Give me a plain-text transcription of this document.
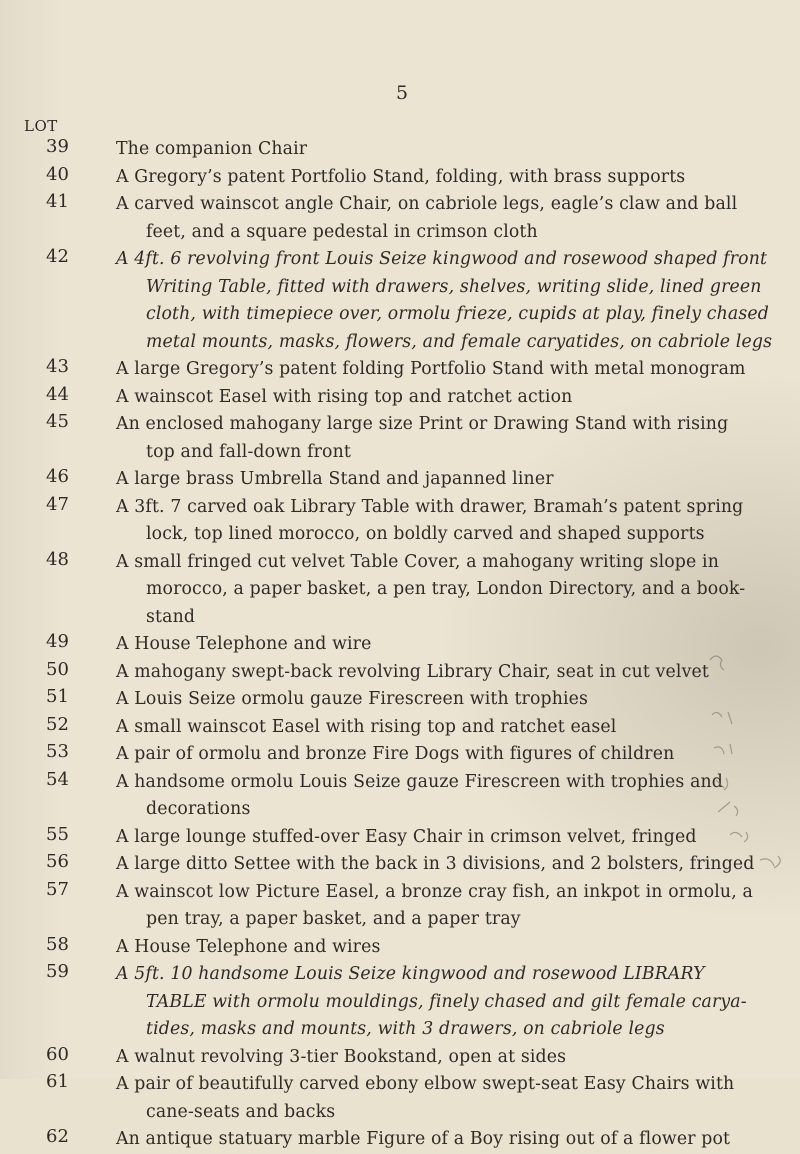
5
LOT
39	The companion Chair
40	A Gregory’s patent Portfolio Stand, folding, with brass supports
41	A carved wainscot angle Chair, on cabriole legs, eagle’s claw and ball
feet, and a square pedestal in crimson cloth
42	A 4ft. 6 revolving front Louis Seize kingwood and rosewood shaped front
Writing Table, fitted with drawers, shelves, writing slide, lined green
cloth, with timepiece over, ormolu frieze, cupids at play, finely chased
metal mounts, masks, flowers, and female caryatides, on cabriole legs
43	A large Gregory’s patent folding Portfolio Stand with metal monogram
44	A wainscot Easel with rising top and ratchet action
45	An enclosed mahogany large size Print or Drawing Stand with rising
top and fall-down front
46	A large brass Umbrella Stand and japanned liner
47	A 3ft. 7 carved oak Library Table with drawer, Bramah’s patent spring
lock, top lined morocco, on boldly carved and shaped supports
48	A small fringed cut velvet Table Cover, a mahogany writing slope in
morocco, a paper basket, a pen tray, London Directory, and a book-
stand
49	A House Telephone and wire
50	A mahogany swept-back revolving Library Chair, seat in cut velvet
51	A Louis Seize ormolu gauze Firescreen with trophies
52	A small wainscot Easel with rising top and ratchet easel
53	A pair of ormolu and bronze Fire Dogs with figures of children
54	A handsome ormolu Louis Seize gauze Firescreen with trophies and
decorations
55	A large lounge stuffed-over Easy Chair in crimson velvet, fringed
56	A large ditto Settee with the back in 3 divisions, and 2 bolsters, fringed
57	A wainscot low Picture Easel, a bronze cray fish, an inkpot in ormolu, a
pen tray, a paper basket, and a paper tray
58	A House Telephone and wires
59	A 5ft. 10 handsome Louis Seize kingwood and rosewood LIBRARY
TABLE with ormolu mouldings, finely chased and gilt female carya-
tides, masks and mounts, with 3 drawers, on cabriole legs
60	A walnut revolving 3-tier Bookstand, open at sides
61	A pair of beautifully carved ebony elbow swept-seat Easy Chairs with
cane-seats and backs
62	An antique statuary marble Figure of a Boy rising out of a flower pot
